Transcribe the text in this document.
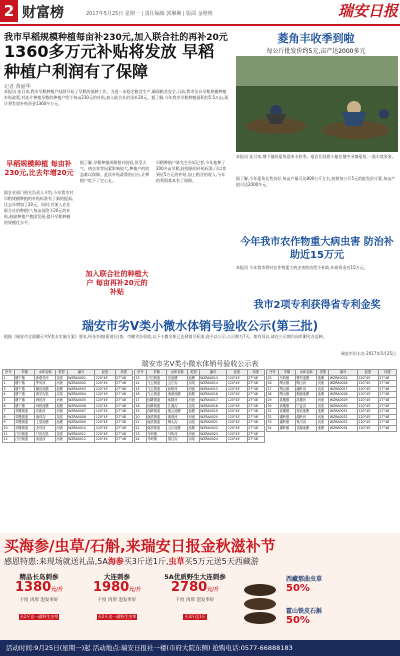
2 财富榜	2017年5月25日 星期一 | 责任编辑 郭琳琳 | 版面 金维维	瑞安日报
我市早稻规模种植每亩补230元,加入联合社的再补20元
1360多万元补贴将发放 早稻种植户利润有了保障
记者 黄丽华
本报讯 连日来,我市早稻种植户陆续开始了早稻的插秧工作。为进一步稳定粮食生产,确保粮食安全,日前,我市出台早稻规模种植补贴政策,对连片种植早稻的种植户给予每亩230元的补贴,加入联合社的再补20元。据了解,今年我市早稻种植面积约5.5万亩,预计将发放补贴资金1360多万元。
早稻规模种植 每亩补230元,比去年增20元
据农业部门相关负责人介绍,今年我市对早稻规模种植的补贴标准有了新的提高,比去年增加了20元。同时,对加入农业联合社的种植户,每亩再给予20元的补贴,鼓励种植户抱团发展,提升早稻种植的规模化水平。
据了解,早稻种植周期相对较短,但受天气、病虫害等因素影响较大,种植户的收益难以保障。此次补贴政策的出台,让种植户吃下了定心丸。
加入联合社的种植大户 每亩再补20元的补贴
早稻种植户陈先生告诉记者,今年他种了200多亩早稻,按照新的补贴标准,可以拿到近5万元的补贴,加上稻谷的收入,今年的利润基本有了保障。
菱角丰收季到啦
每公斤批发价约5元,亩产达2000多元
本报讯 连日来,塘下镇的菱角迎来丰收季。菱农们划着小船在塘中采摘菱角,一派丰收景象。
据了解,今年菱角长势良好,每亩产量可达800公斤左右,按照每公斤5元的批发价计算,每亩产值可达2000多元。
今年我市农作物重大病虫害 防治补助近15万元
本报讯 今年我市将对农作物重大病虫害防治给予补助,补助资金近15万元。
我市2项专利获得省专利金奖
瑞安市劣Ⅴ类小微水体销号验收公示(第三批)
根据《瑞安市全面剿灭劣Ⅴ类水实施方案》要求,经各乡镇(街道)自查、市剿劣办验收,以下小微水体已达到销号标准,现予以公示,公示期为7天。如有异议,请在公示期内向市剿劣办反映。
瑞安市治水办 2017年5月25日
瑞安市劣Ⅴ类小微水体销号验收公示表
序号	乡镇	水体名称	类型	编号	经度	纬度
1	塘下镇	新联村河	沟渠	WZRA0001	120°45′	27°48′
2	塘下镇	罗凤河	河流	WZRA0002	120°45′	27°48′
3	塘下镇	鲍田池塘	池塘	WZRA0003	120°45′	27°48′
4	塘下镇	海安沟渠	沟渠	WZRA0004	120°45′	27°48′
5	塘下镇	韩田河	河流	WZRA0005	120°45′	27°48′
6	塘下镇	场桥池塘	池塘	WZRA0006	120°45′	27°48′
7	莘塍街道	东新河	河流	WZRA0007	120°45′	27°48′
8	莘塍街道	南垟沟	沟渠	WZRA0008	120°45′	27°48′
9	莘塍街道	上望池塘	池塘	WZRA0009	120°45′	27°48′
10	莘塍街道	北垟河	河流	WZRA0010	120°45′	27°48′
11	汀田街道	汀田沟渠	沟渠	WZRA0011	120°45′	27°48′
12	汀田街道	前池河	河流	WZRA0012	120°45′	27°48′
序号	乡镇	水体名称	类型	编号	经度	纬度
13	汀田街道	后池塘	池塘	WZRA0013	120°45′	27°48′
14	飞云街道	云江沟	沟渠	WZRA0014	120°45′	27°48′
15	飞云街道	孙桥河	河流	WZRA0015	120°45′	27°48′
16	飞云街道	渔渡池塘	池塘	WZRA0016	120°45′	27°48′
17	仙降街道	仙降河	河流	WZRA0017	120°45′	27°48′
18	仙降街道	江溪沟	沟渠	WZRA0018	120°45′	27°48′
19	仙降街道	翔云池塘	池塘	WZRA0019	120°45′	27°48′
20	南滨街道	阁巷河	河流	WZRA0020	120°45′	27°48′
21	南滨街道	梅头沟	沟渠	WZRA0021	120°45′	27°48′
22	南滨街道	云江池塘	池塘	WZRA0022	120°45′	27°48′
23	马屿镇	马屿河	河流	WZRA0023	120°45′	27°48′
24	马屿镇	篁社沟	沟渠	WZRA0024	120°45′	27°48′
序号	乡镇	水体名称	类型	编号	经度	纬度
25	马屿镇	曹村池塘	池塘	WZRA0025	120°45′	27°48′
26	陶山镇	陶山河	河流	WZRA0026	120°45′	27°48′
27	陶山镇	湖岭沟	沟渠	WZRA0027	120°45′	27°48′
28	陶山镇	桐浦池塘	池塘	WZRA0028	120°45′	27°48′
29	高楼镇	高楼河	河流	WZRA0029	120°45′	27°48′
30	高楼镇	宁益沟	沟渠	WZRA0030	120°45′	27°48′
31	高楼镇	营前池塘	池塘	WZRA0031	120°45′	27°48′
32	湖岭镇	湖岭河	河流	WZRA0032	120°45′	27°48′
33	湖岭镇	林川沟	沟渠	WZRA0033	120°45′	27°48′
34	湖岭镇	龙湖池塘	池塘	WZRA0034	120°45′	27°48′
买海参/虫草/石斛,来瑞安日报金秋滋补节
感恩特惠:来现场就送礼品,5A海参买3斤送1斤,虫草买5万元送5天西藏游
精品长岛刺参
1380元/斤
干度 肉厚 泡发率好
买2斤送一副野生虫草
大连刺参
1980元/斤
干度 肉厚 泡发率好
买2斤送一副野生虫草
5A优质野生大连刺参
2780元/斤
干度 肉厚 泡发率好
买3斤送1斤
西藏那曲虫草
50%
霍山铁皮石斛
50%
活动时间:9月25日(星期一)起 活动地点:瑞安日报社一楼(市府大院东侧) 抢购电话:0577-66888183
